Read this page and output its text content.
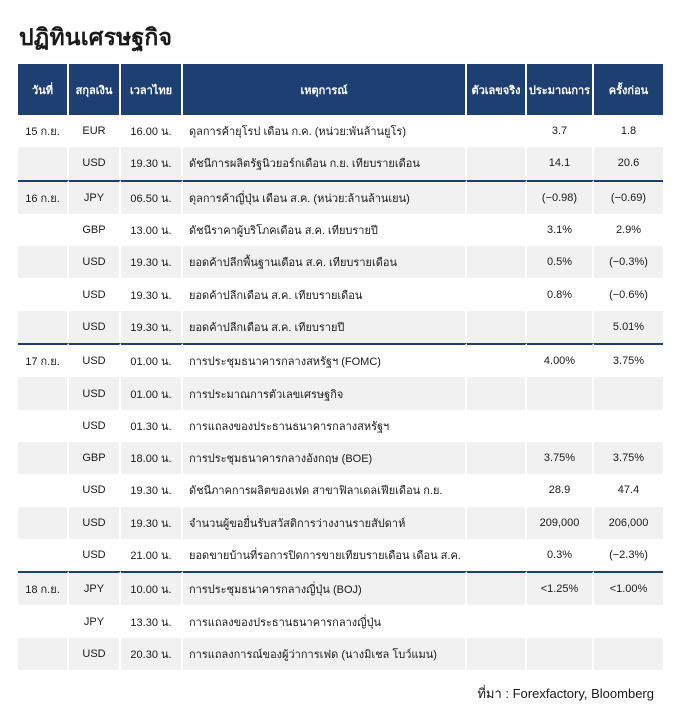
ปฏิทินเศรษฐกิจ
วันที่	สกุลเงิน	เวลาไทย	เหตุการณ์	ตัวเลขจริง	ประมาณการ	ครั้งก่อน
15 ก.ย.	EUR	16.00 น.	ดุลการค้ายุโรป เดือน ก.ค. (หน่วย:พันล้านยูโร)		3.7	1.8
	USD	19.30 น.	ดัชนีการผลิตรัฐนิวยอร์กเดือน ก.ย. เทียบรายเดือน		14.1	20.6
16 ก.ย.	JPY	06.50 น.	ดุลการค้าญี่ปุ่น เดือน ส.ค. (หน่วย:ล้านล้านเยน)		(−0.98)	(−0.69)
	GBP	13.00 น.	ดัชนีราคาผู้บริโภคเดือน ส.ค. เทียบรายปี		3.1%	2.9%
	USD	19.30 น.	ยอดค้าปลีกพื้นฐานเดือน ส.ค. เทียบรายเดือน		0.5%	(−0.3%)
	USD	19.30 น.	ยอดค้าปลีกเดือน ส.ค. เทียบรายเดือน		0.8%	(−0.6%)
	USD	19.30 น.	ยอดค้าปลีกเดือน ส.ค. เทียบรายปี			5.01%
17 ก.ย.	USD	01.00 น.	การประชุมธนาคารกลางสหรัฐฯ (FOMC)		4.00%	3.75%
	USD	01.00 น.	การประมาณการตัวเลขเศรษฐกิจ			
	USD	01.30 น.	การแถลงของประธานธนาคารกลางสหรัฐฯ			
	GBP	18.00 น.	การประชุมธนาคารกลางอังกฤษ (BOE)		3.75%	3.75%
	USD	19.30 น.	ดัชนีภาคการผลิตของเฟด สาขาฟิลาเดลเฟียเดือน ก.ย.		28.9	47.4
	USD	19.30 น.	จำนวนผู้ขอยื่นรับสวัสดิการว่างงานรายสัปดาห์		209,000	206,000
	USD	21.00 น.	ยอดขายบ้านที่รอการปิดการขายเทียบรายเดือน เดือน ส.ค.		0.3%	(−2.3%)
18 ก.ย.	JPY	10.00 น.	การประชุมธนาคารกลางญี่ปุ่น (BOJ)		<1.25%	<1.00%
	JPY	13.30 น.	การแถลงของประธานธนาคารกลางญี่ปุ่น			
	USD	20.30 น.	การแถลงการณ์ของผู้ว่าการเฟด (นางมิเชล โบว์แมน)			
ที่มา : Forexfactory, Bloomberg
